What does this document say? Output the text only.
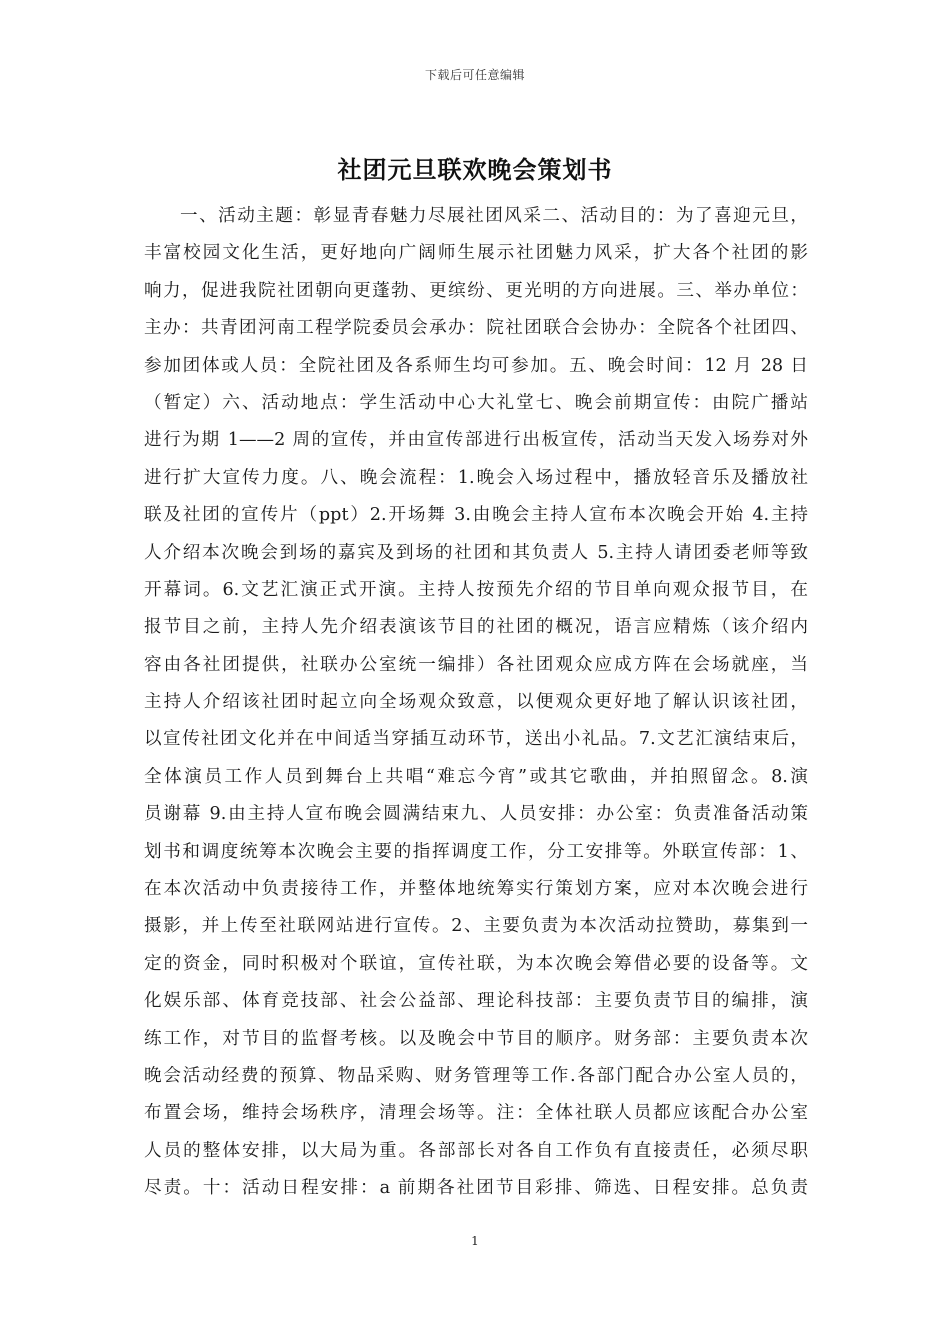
下载后可任意编辑
社团元旦联欢晚会策划书
一、活动主题：彰显青春魅力尽展社团风采二、活动目的：为了喜迎元旦，
丰富校园文化生活，更好地向广阔师生展示社团魅力风采，扩大各个社团的影
响力，促进我院社团朝向更蓬勃、更缤纷、更光明的方向进展。三、举办单位：
主办：共青团河南工程学院委员会承办：院社团联合会协办：全院各个社团四、
参加团体或人员：全院社团及各系师生均可参加。五、晚会时间：12 月 28 日
（暂定）六、活动地点：学生活动中心大礼堂七、晚会前期宣传：由院广播站
进行为期 1——2 周的宣传，并由宣传部进行出板宣传，活动当天发入场券对外
进行扩大宣传力度。八、晚会流程：1.晚会入场过程中，播放轻音乐及播放社
联及社团的宣传片（ppt）2.开场舞 3.由晚会主持人宣布本次晚会开始 4.主持
人介绍本次晚会到场的嘉宾及到场的社团和其负责人 5.主持人请团委老师等致
开幕词。6.文艺汇演正式开演。主持人按预先介绍的节目单向观众报节目，在
报节目之前，主持人先介绍表演该节目的社团的概况，语言应精炼（该介绍内
容由各社团提供，社联办公室统一编排）各社团观众应成方阵在会场就座，当
主持人介绍该社团时起立向全场观众致意，以便观众更好地了解认识该社团，
以宣传社团文化并在中间适当穿插互动环节，送出小礼品。7.文艺汇演结束后，
全体演员工作人员到舞台上共唱“难忘今宵”或其它歌曲，并拍照留念。8.演
员谢幕 9.由主持人宣布晚会圆满结束九、人员安排：办公室：负责准备活动策
划书和调度统筹本次晚会主要的指挥调度工作，分工安排等。外联宣传部：1、
在本次活动中负责接待工作，并整体地统筹实行策划方案，应对本次晚会进行
摄影，并上传至社联网站进行宣传。2、主要负责为本次活动拉赞助，募集到一
定的资金，同时积极对个联谊，宣传社联，为本次晚会筹借必要的设备等。文
化娱乐部、体育竞技部、社会公益部、理论科技部：主要负责节目的编排，演
练工作，对节目的监督考核。以及晚会中节目的顺序。财务部：主要负责本次
晚会活动经费的预算、物品采购、财务管理等工作.各部门配合办公室人员的，
布置会场，维持会场秩序，清理会场等。注：全体社联人员都应该配合办公室
人员的整体安排，以大局为重。各部部长对各自工作负有直接责任，必须尽职
尽责。十：活动日程安排：a 前期各社团节目彩排、筛选、日程安排。总负责
1
